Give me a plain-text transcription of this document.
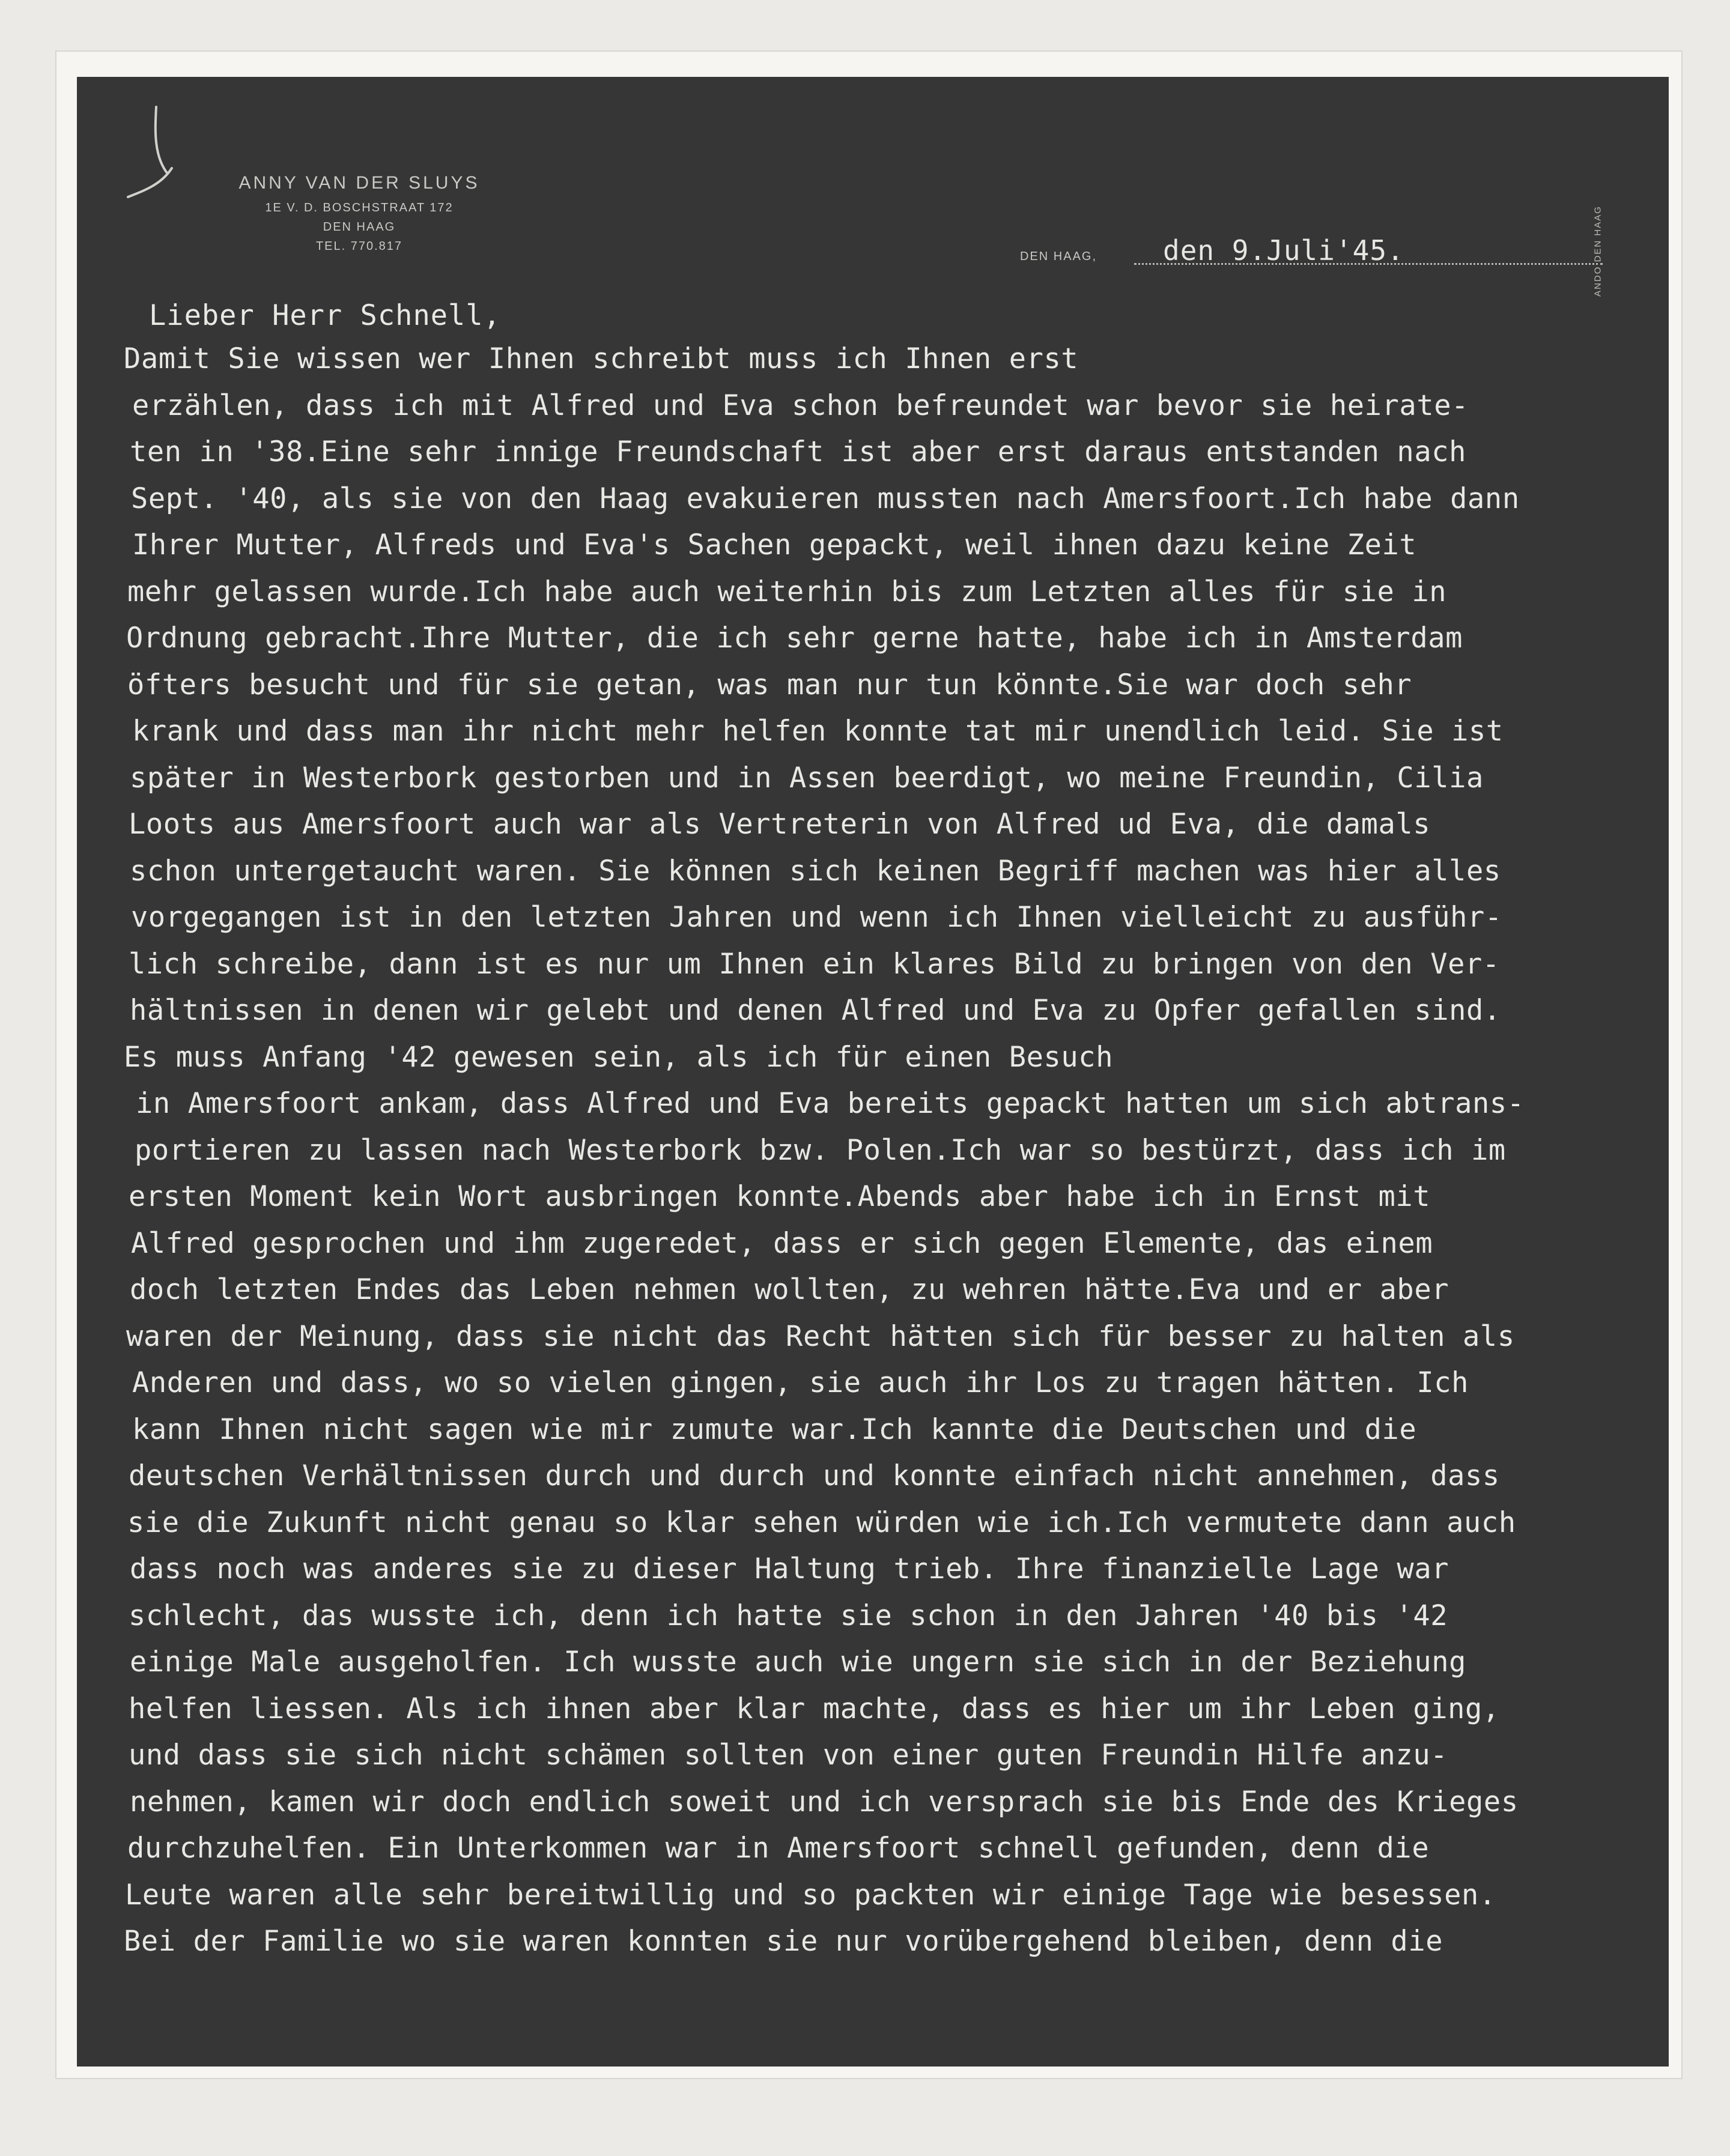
ANNY VAN DER SLUYS
1E V. D. BOSCHSTRAAT 172
DEN HAAG
TEL. 770.817
DEN HAAG, den 9.Juli'45.	ANDO DEN HAAG
Lieber Herr Schnell,
Damit Sie wissen wer Ihnen schreibt muss ich Ihnen erst
erzählen, dass ich mit Alfred und Eva schon befreundet war bevor sie heirate-
ten in '38.Eine sehr innige Freundschaft ist aber erst daraus entstanden nach
Sept. '40, als sie von den Haag evakuieren mussten nach Amersfoort.Ich habe dann
Ihrer Mutter, Alfreds und Eva's Sachen gepackt, weil ihnen dazu keine Zeit
mehr gelassen wurde.Ich habe auch weiterhin bis zum Letzten alles für sie in
Ordnung gebracht.Ihre Mutter, die ich sehr gerne hatte, habe ich in Amsterdam
öfters besucht und für sie getan, was man nur tun könnte.Sie war doch sehr
krank und dass man ihr nicht mehr helfen konnte tat mir unendlich leid. Sie ist
später in Westerbork gestorben und in Assen beerdigt, wo meine Freundin, Cilia
Loots aus Amersfoort auch war als Vertreterin von Alfred ud Eva, die damals
schon untergetaucht waren. Sie können sich keinen Begriff machen was hier alles
vorgegangen ist in den letzten Jahren und wenn ich Ihnen vielleicht zu ausführ-
lich schreibe, dann ist es nur um Ihnen ein klares Bild zu bringen von den Ver-
hältnissen in denen wir gelebt und denen Alfred und Eva zu Opfer gefallen sind.
Es muss Anfang '42 gewesen sein, als ich für einen Besuch
in Amersfoort ankam, dass Alfred und Eva bereits gepackt hatten um sich abtrans-
portieren zu lassen nach Westerbork bzw. Polen.Ich war so bestürzt, dass ich im
ersten Moment kein Wort ausbringen konnte.Abends aber habe ich in Ernst mit
Alfred gesprochen und ihm zugeredet, dass er sich gegen Elemente, das einem
doch letzten Endes das Leben nehmen wollten, zu wehren hätte.Eva und er aber
waren der Meinung, dass sie nicht das Recht hätten sich für besser zu halten als
Anderen und dass, wo so vielen gingen, sie auch ihr Los zu tragen hätten. Ich
kann Ihnen nicht sagen wie mir zumute war.Ich kannte die Deutschen und die
deutschen Verhältnissen durch und durch und konnte einfach nicht annehmen, dass
sie die Zukunft nicht genau so klar sehen würden wie ich.Ich vermutete dann auch
dass noch was anderes sie zu dieser Haltung trieb. Ihre finanzielle Lage war
schlecht, das wusste ich, denn ich hatte sie schon in den Jahren '40 bis '42
einige Male ausgeholfen. Ich wusste auch wie ungern sie sich in der Beziehung
helfen liessen. Als ich ihnen aber klar machte, dass es hier um ihr Leben ging,
und dass sie sich nicht schämen sollten von einer guten Freundin Hilfe anzu-
nehmen, kamen wir doch endlich soweit und ich versprach sie bis Ende des Krieges
durchzuhelfen. Ein Unterkommen war in Amersfoort schnell gefunden, denn die
Leute waren alle sehr bereitwillig und so packten wir einige Tage wie besessen.
Bei der Familie wo sie waren konnten sie nur vorübergehend bleiben, denn die
